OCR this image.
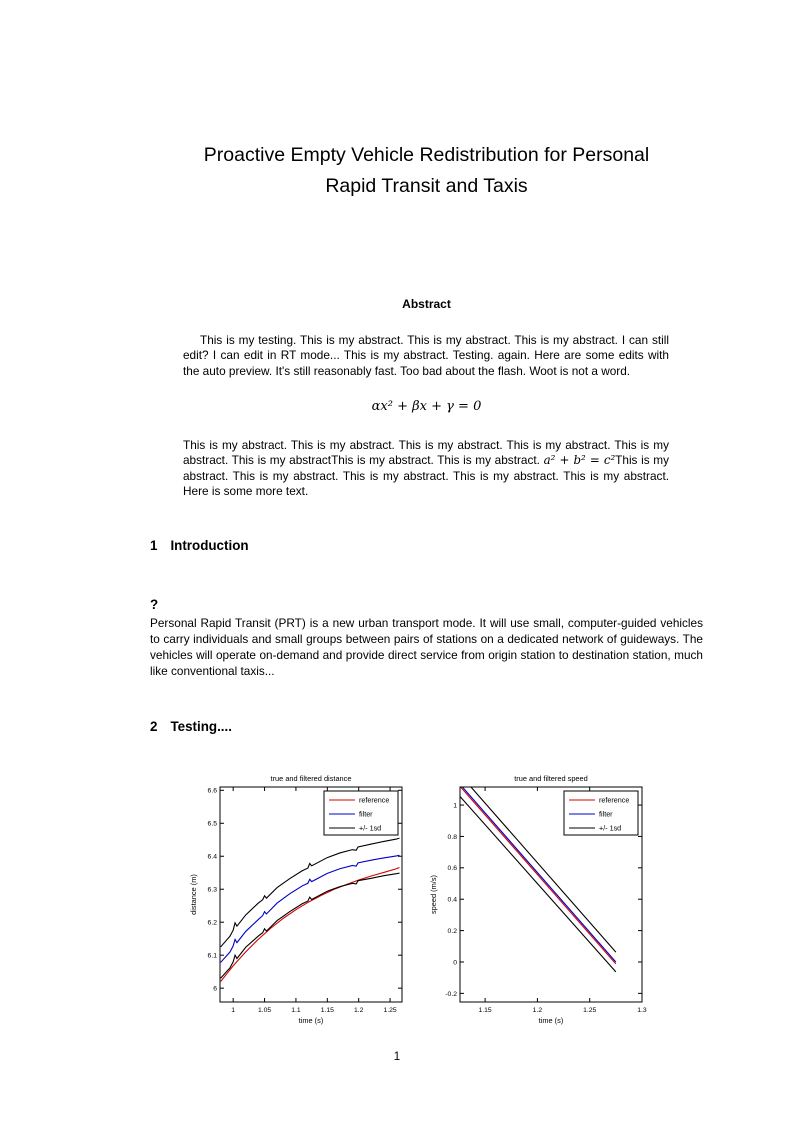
Proactive Empty Vehicle Redistribution for Personal
Rapid Transit and Taxis
Abstract

This is my testing. This is my abstract. This is my abstract. This is my abstract. I can still edit? I can edit in RT mode... This is my abstract. Testing. again. Here are some edits with the auto preview. It's still reasonably fast. Too bad about the flash. Woot is not a word.

αx² + βx + γ = 0

This is my abstract. This is my abstract. This is my abstract. This is my abstract. This is my abstract. This is my abstractThis is my abstract. This is my abstract. a² + b² = c²This is my abstract. This is my abstract. This is my abstract. This is my abstract. This is my abstract. Here is some more text.

1 Introduction

?

Personal Rapid Transit (PRT) is a new urban transport mode. It will use small, computer-guided vehicles to carry individuals and small groups between pairs of stations on a dedicated network of guideways. The vehicles will operate on-demand and provide direct service from origin station to destination station, much like conventional taxis...

2 Testing....
1	1.05	1.1	1.15	1.2	1.25
6
6.1
6.2
6.3
6.4
6.5
6.6
true and filtered distance
time (s)
distance (m)
reference
filter
+/- 1sd
1.15	1.2	1.25	1.3
-0.2
0
0.2
0.4
0.6
0.8
1
true and filtered speed
time (s)
speed (m/s)
reference
filter
+/- 1sd
1
